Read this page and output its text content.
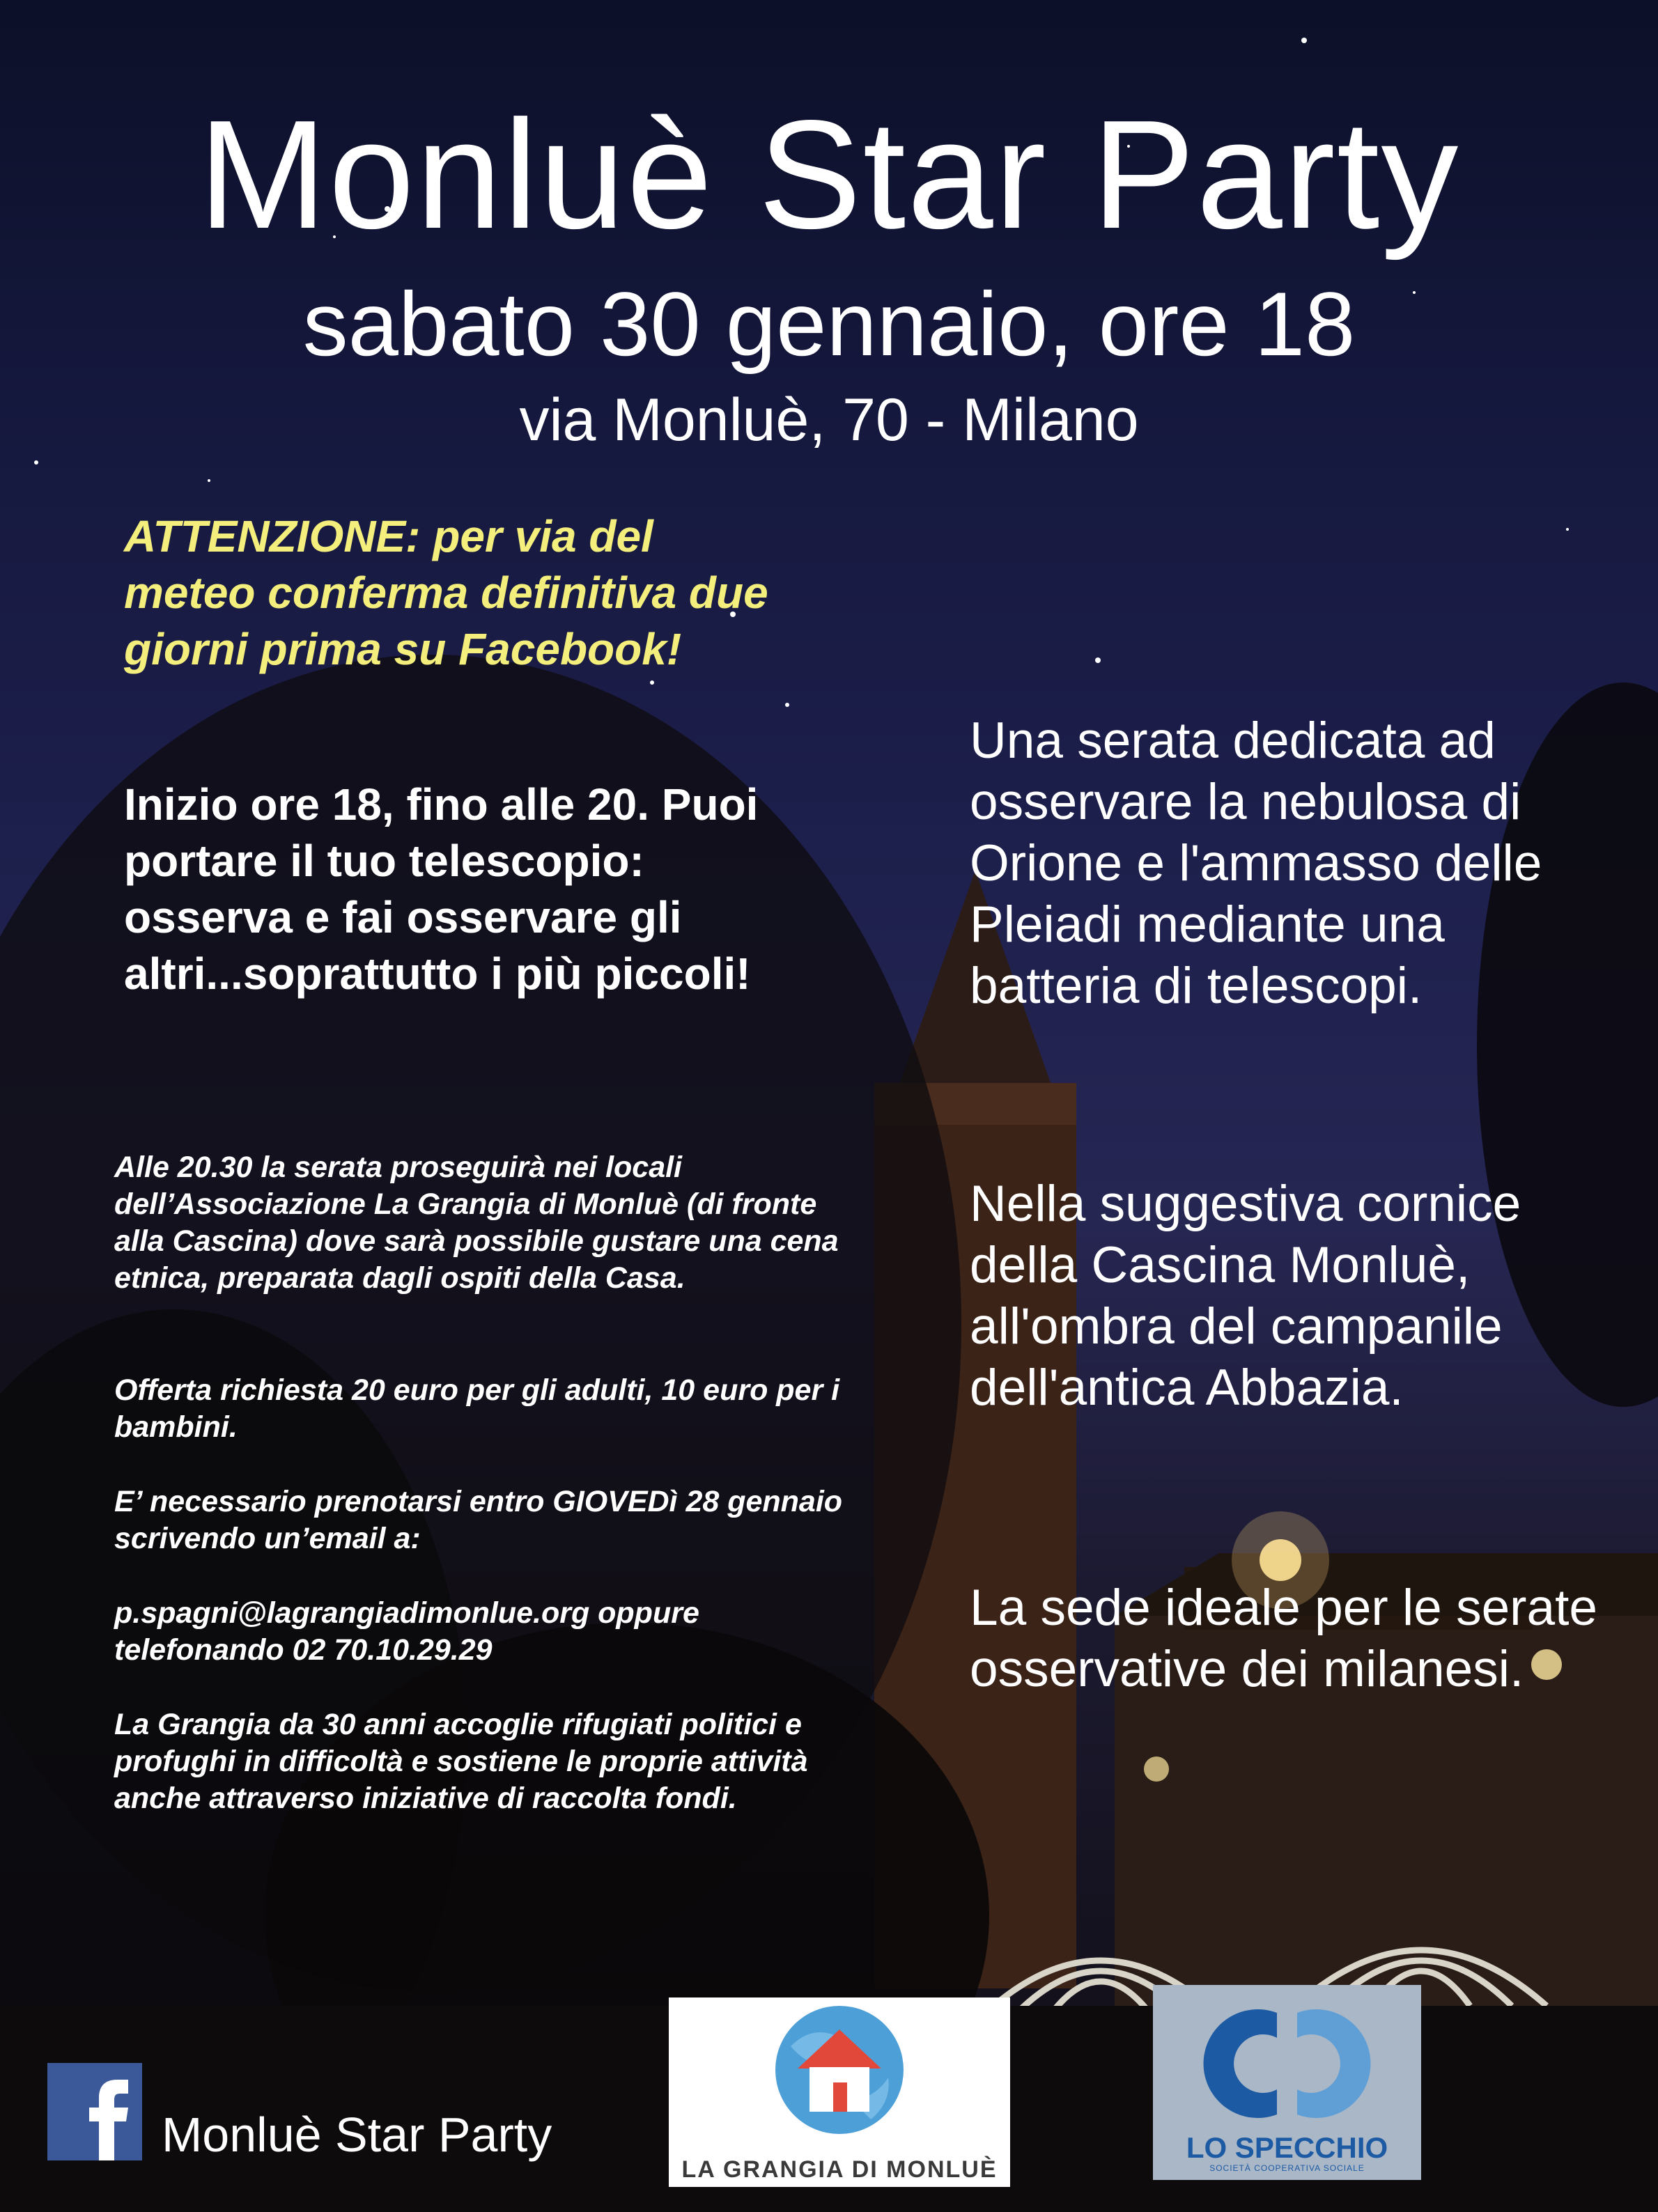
Monluè Star Party

sabato 30 gennaio, ore 18

via Monluè, 70 - Milano

ATTENZIONE: per via del meteo conferma definitiva due giorni prima su Facebook!

Inizio ore 18, fino alle 20. Puoi portare il tuo telescopio: osserva e fai osservare gli altri...soprattutto i più piccoli!

Alle 20.30 la serata proseguirà nei locali dell’Associazione La Grangia di Monluè (di fronte alla Cascina) dove sarà possibile gustare una cena etnica, preparata dagli ospiti della Casa.

Offerta richiesta 20 euro per gli adulti, 10 euro per i bambini.

E’ necessario prenotarsi entro GIOVEDì 28 gennaio scrivendo un’email a:

p.spagni@lagrangiadimonlue.org oppure telefonando 02 70.10.29.29

La Grangia da 30 anni accoglie rifugiati politici e profughi in difficoltà e sostiene le proprie attività anche attraverso iniziative di raccolta fondi.

Una serata dedicata ad osservare la nebulosa di Orione e l'ammasso delle Pleiadi mediante una batteria di telescopi.

Nella suggestiva cornice della Cascina Monluè, all'ombra del campanile dell'antica Abbazia.

La sede ideale per le serate osservative dei milanesi.

Monluè Star Party

LA GRANGIA DI MONLUÈ

LO SPECCHIO

SOCIETÀ COOPERATIVA SOCIALE
